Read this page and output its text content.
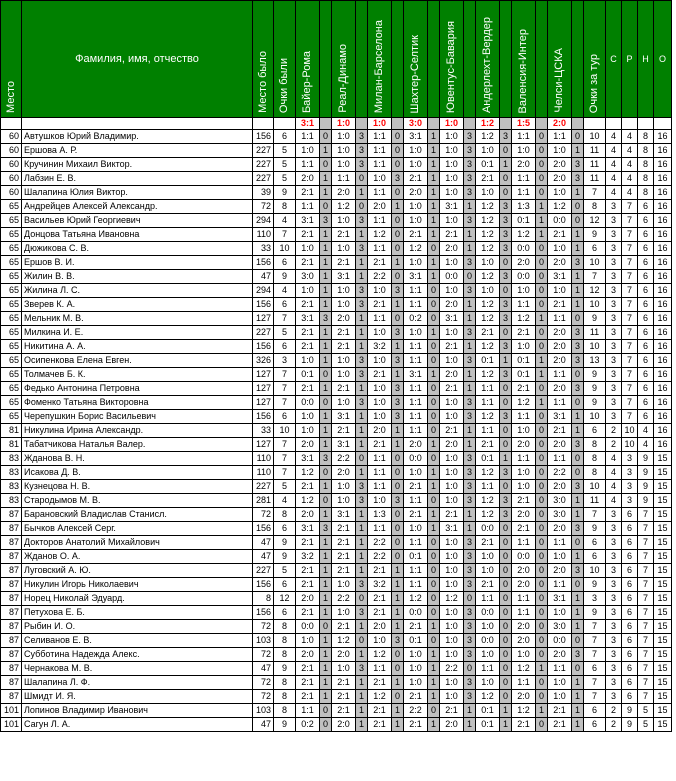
Место	Фамилия, имя, отчество	Место было	Очки были	Байер-Рома		Реал-Динамо		Милан-Барселона		Шахтер-Селтик		Ювентус-Бавария		Андерлехт-Вердер		Валенсия-Интер		Челси-ЦСКА		Очки за тур	С	Р	Н	О
				3:1		1:0		1:0		3:0		1:0		1:2		1:5		2:0						
60	Автушков Юрий Владимир.	156	6	1:1	0	1:0	3	1:1	0	3:1	1	1:0	3	1:2	3	1:1	0	1:1	0	10	4	4	8	16
60	Ершова А. Р.	227	5	1:0	1	1:0	3	1:1	0	1:0	1	1:0	3	1:0	0	1:0	0	1:0	1	11	4	4	8	16
60	Кручинин Михаил Виктор.	227	5	1:1	0	1:0	3	1:1	0	1:0	1	1:0	3	0:1	1	2:0	0	2:0	3	11	4	4	8	16
60	Лабзин Е. В.	227	5	2:0	1	1:1	0	1:0	3	2:1	1	1:0	3	2:1	0	1:1	0	2:0	3	11	4	4	8	16
60	Шалапина Юлия Виктор.	39	9	2:1	1	2:0	1	1:1	0	2:0	1	1:0	3	1:0	0	1:1	0	1:0	1	7	4	4	8	16
65	Андрейцев Алексей Александр.	72	8	1:1	0	1:2	0	2:0	1	1:0	1	3:1	1	1:2	3	1:3	1	1:2	0	8	3	7	6	16
65	Васильев Юрий Георгиевич	294	4	3:1	3	1:0	3	1:1	0	1:0	1	1:0	3	1:2	3	0:1	1	0:0	0	12	3	7	6	16
65	Донцова Татьяна Ивановна	110	7	2:1	1	2:1	1	1:2	0	2:1	1	2:1	1	1:2	3	1:2	1	2:1	1	9	3	7	6	16
65	Дюжикова С. В.	33	10	1:0	1	1:0	3	1:1	0	1:2	0	2:0	1	1:2	3	0:0	0	1:0	1	6	3	7	6	16
65	Ершов В. И.	156	6	2:1	1	2:1	1	2:1	1	1:0	1	1:0	3	1:0	0	2:0	0	2:0	3	10	3	7	6	16
65	Жилин В. В.	47	9	3:0	1	3:1	1	2:2	0	3:1	1	0:0	0	1:2	3	0:0	0	3:1	1	7	3	7	6	16
65	Жилина Л. С.	294	4	1:0	1	1:0	3	1:0	3	1:1	0	1:0	3	1:0	0	1:0	0	1:0	1	12	3	7	6	16
65	Зверев К. А.	156	6	2:1	1	1:0	3	2:1	1	1:1	0	2:0	1	1:2	3	1:1	0	2:1	1	10	3	7	6	16
65	Мельник М. В.	127	7	3:1	3	2:0	1	1:1	0	0:2	0	3:1	1	1:2	3	1:2	1	1:1	0	9	3	7	6	16
65	Милкина И. Е.	227	5	2:1	1	2:1	1	1:0	3	1:0	1	1:0	3	2:1	0	2:1	0	2:0	3	11	3	7	6	16
65	Никитина А. А.	156	6	2:1	1	2:1	1	3:2	1	1:1	0	2:1	1	1:2	3	1:0	0	2:0	3	10	3	7	6	16
65	Осипенкова Елена Евген.	326	3	1:0	1	1:0	3	1:0	3	1:1	0	1:0	3	0:1	1	0:1	1	2:0	3	13	3	7	6	16
65	Толмачев Б. К.	127	7	0:1	0	1:0	3	2:1	1	3:1	1	2:0	1	1:2	3	0:1	1	1:1	0	9	3	7	6	16
65	Федько Антонина Петровна	127	7	2:1	1	2:1	1	1:0	3	1:1	0	2:1	1	1:1	0	2:1	0	2:0	3	9	3	7	6	16
65	Фоменко Татьяна Викторовна	127	7	0:0	0	1:0	3	1:0	3	1:1	0	1:0	3	1:1	0	1:2	1	1:1	0	9	3	7	6	16
65	Черепушкин Борис Васильевич	156	6	1:0	1	3:1	1	1:0	3	1:1	0	1:0	3	1:2	3	1:1	0	3:1	1	10	3	7	6	16
81	Никулина Ирина Александр.	33	10	1:0	1	2:1	1	2:0	1	1:1	0	2:1	1	1:1	0	1:0	0	2:1	1	6	2	10	4	16
81	Табатчикова Наталья Валер.	127	7	2:0	1	3:1	1	2:1	1	2:0	1	2:0	1	2:1	0	2:0	0	2:0	3	8	2	10	4	16
83	Жданова В. Н.	110	7	3:1	3	2:2	0	1:1	0	0:0	0	1:0	3	0:1	1	1:1	0	1:1	0	8	4	3	9	15
83	Исакова Д. В.	110	7	1:2	0	2:0	1	1:1	0	1:0	1	1:0	3	1:2	3	1:0	0	2:2	0	8	4	3	9	15
83	Кузнецова Н. В.	227	5	2:1	1	1:0	3	1:1	0	2:1	1	1:0	3	1:1	0	1:0	0	2:0	3	10	4	3	9	15
83	Стародымов М. В.	281	4	1:2	0	1:0	3	1:0	3	1:1	0	1:0	3	1:2	3	2:1	0	3:0	1	11	4	3	9	15
87	Барановский Владислав Станисл.	72	8	2:0	1	3:1	1	1:3	0	2:1	1	2:1	1	1:2	3	2:0	0	3:0	1	7	3	6	7	15
87	Бычков Алексей Серг.	156	6	3:1	3	2:1	1	1:1	0	1:0	1	3:1	1	0:0	0	2:1	0	2:0	3	9	3	6	7	15
87	Докторов Анатолий Михайлович	47	9	2:1	1	2:1	1	2:2	0	1:1	0	1:0	3	2:1	0	1:1	0	1:1	0	6	3	6	7	15
87	Жданов О. А.	47	9	3:2	1	2:1	1	2:2	0	0:1	0	1:0	3	1:0	0	0:0	0	1:0	1	6	3	6	7	15
87	Луговский А. Ю.	227	5	2:1	1	2:1	1	2:1	1	1:1	0	1:0	3	1:0	0	2:0	0	2:0	3	10	3	6	7	15
87	Никулин Игорь Николаевич	156	6	2:1	1	1:0	3	3:2	1	1:1	0	1:0	3	2:1	0	2:0	0	1:1	0	9	3	6	7	15
87	Норец Николай Эдуард.	8	12	2:0	1	2:2	0	2:1	1	1:2	0	1:2	0	1:1	0	1:1	0	3:1	1	3	3	6	7	15
87	Петухова Е. Б.	156	6	2:1	1	1:0	3	2:1	1	0:0	0	1:0	3	0:0	0	1:1	0	1:0	1	9	3	6	7	15
87	Рыбин И. О.	72	8	0:0	0	2:1	1	2:0	1	2:1	1	1:0	3	1:0	0	2:0	0	3:0	1	7	3	6	7	15
87	Селиванов Е. В.	103	8	1:0	1	1:2	0	1:0	3	0:1	0	1:0	3	0:0	0	2:0	0	0:0	0	7	3	6	7	15
87	Субботина Надежда Алекс.	72	8	2:0	1	2:0	1	1:2	0	1:0	1	1:0	3	1:0	0	1:0	0	2:0	3	7	3	6	7	15
87	Чернакова М. В.	47	9	2:1	1	1:0	3	1:1	0	1:0	1	2:2	0	1:1	0	1:2	1	1:1	0	6	3	6	7	15
87	Шалапина Л. Ф.	72	8	2:1	1	2:1	1	2:1	1	1:0	1	1:0	3	1:0	0	1:1	0	1:0	1	7	3	6	7	15
87	Шмидт И. Я.	72	8	2:1	1	2:1	1	1:2	0	2:1	1	1:0	3	1:2	0	2:0	0	1:0	1	7	3	6	7	15
101	Лопинов Владимир Иванович	103	8	1:1	0	2:1	1	2:1	1	2:2	0	2:1	1	0:1	1	1:2	1	2:1	1	6	2	9	5	15
101	Сагун Л. А.	47	9	0:2	0	2:0	1	2:1	1	2:1	1	2:0	1	0:1	1	2:1	0	2:1	1	6	2	9	5	15
